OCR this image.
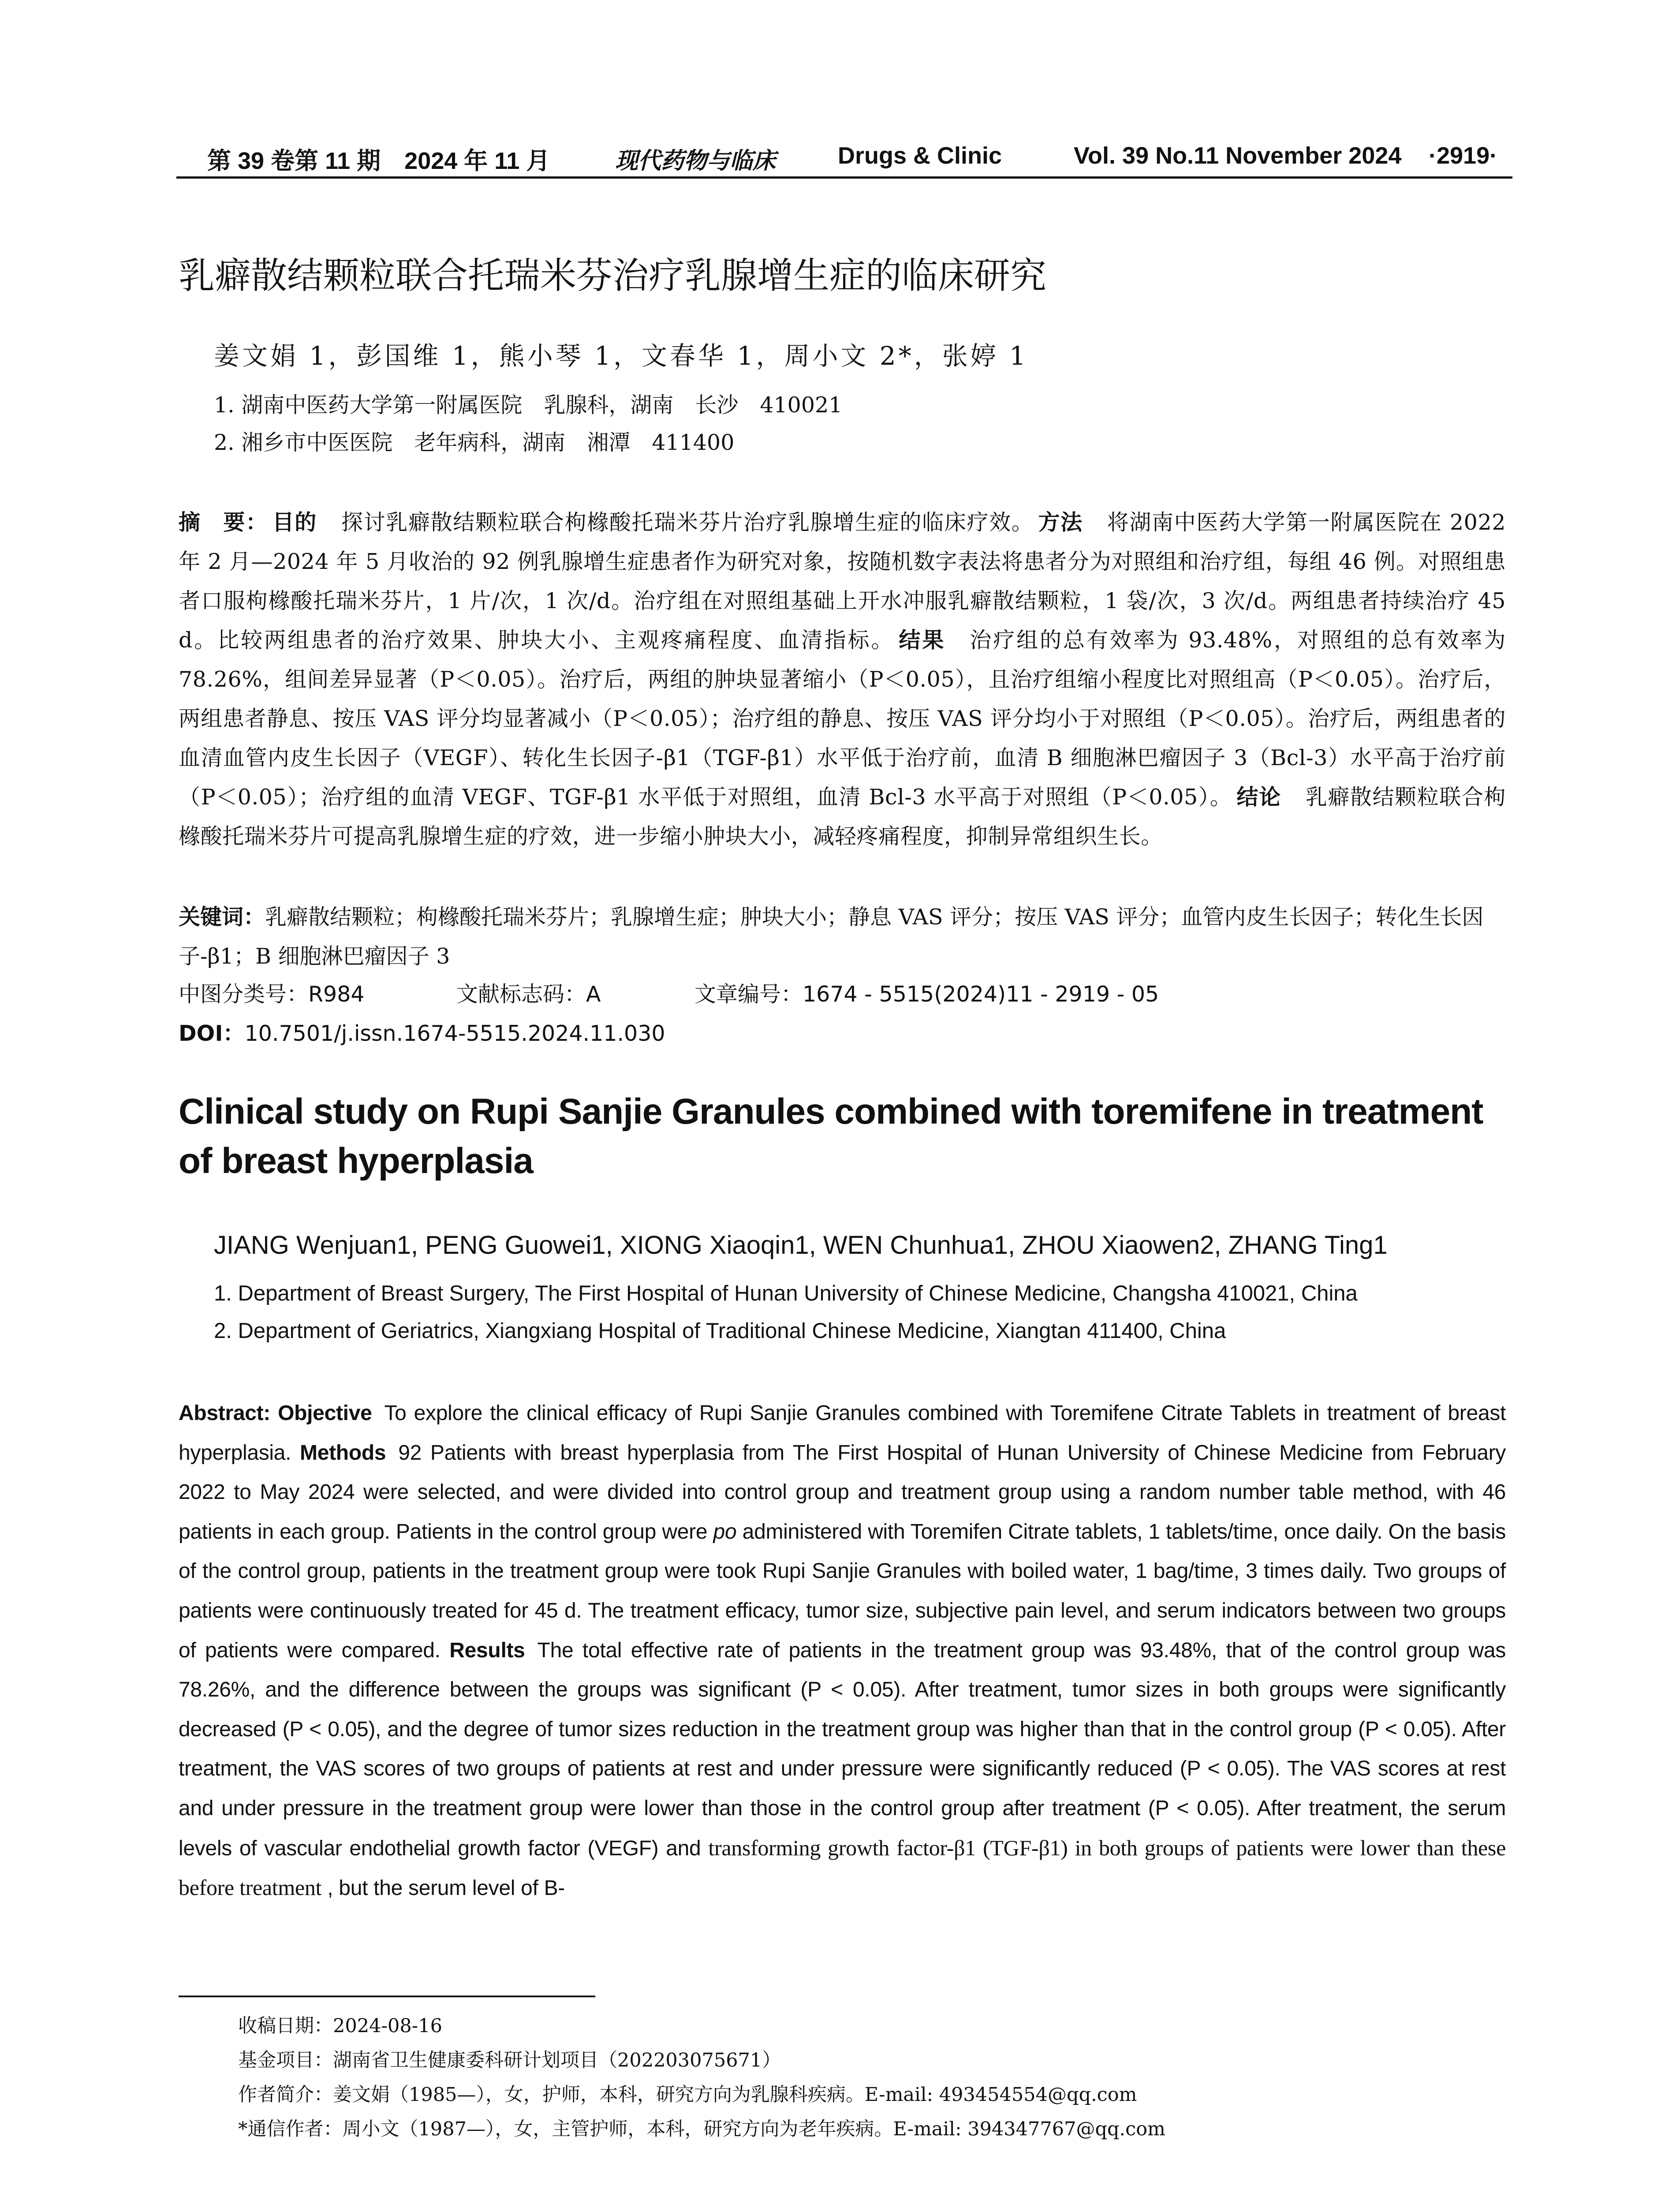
第 39 卷第 11 期　2024 年 11 月	现代药物与临床	Drugs & Clinic	Vol. 39 No.11 November 2024 ·2919·
乳癖散结颗粒联合托瑞米芬治疗乳腺增生症的临床研究
姜文娟 1，彭国维 1，熊小琴 1，文春华 1，周小文 2*，张婷 1
1. 湖南中医药大学第一附属医院　乳腺科，湖南　长沙　410021
2. 湘乡市中医医院　老年病科，湖南　湘潭　411400
摘　要： 目的 探讨乳癖散结颗粒联合枸橼酸托瑞米芬片治疗乳腺增生症的临床疗效。 方法 将湖南中医药大学第一附属医院在 2022 年 2 月—2024 年 5 月收治的 92 例乳腺增生症患者作为研究对象，按随机数字表法将患者分为对照组和治疗组，每组 46 例。对照组患者口服枸橼酸托瑞米芬片，1 片/次，1 次/d。治疗组在对照组基础上开水冲服乳癖散结颗粒，1 袋/次，3 次/d。两组患者持续治疗 45 d。比较两组患者的治疗效果、肿块大小、主观疼痛程度、血清指标。 结果 治疗组的总有效率为 93.48%，对照组的总有效率为 78.26%，组间差异显著（P＜0.05）。治疗后，两组的肿块显著缩小（P＜0.05），且治疗组缩小程度比对照组高（P＜0.05）。治疗后，两组患者静息、按压 VAS 评分均显著减小（P＜0.05）；治疗组的静息、按压 VAS 评分均小于对照组（P＜0.05）。治疗后，两组患者的血清血管内皮生长因子（VEGF）、转化生长因子-β1（TGF-β1）水平低于治疗前，血清 B 细胞淋巴瘤因子 3（Bcl-3）水平高于治疗前（P＜0.05）；治疗组的血清 VEGF、TGF-β1 水平低于对照组，血清 Bcl-3 水平高于对照组（P＜0.05）。 结论 乳癖散结颗粒联合枸橼酸托瑞米芬片可提高乳腺增生症的疗效，进一步缩小肿块大小，减轻疼痛程度，抑制异常组织生长。
关键词：乳癖散结颗粒；枸橼酸托瑞米芬片；乳腺增生症；肿块大小；静息 VAS 评分；按压 VAS 评分；血管内皮生长因子；转化生长因子-β1；B 细胞淋巴瘤因子 3
中图分类号：R984	文献标志码：A	文章编号：1674 - 5515(2024)11 - 2919 - 05
DOI：10.7501/j.issn.1674-5515.2024.11.030
Clinical study on Rupi Sanjie Granules combined with toremifene in treatment of breast hyperplasia
JIANG Wenjuan1, PENG Guowei1, XIONG Xiaoqin1, WEN Chunhua1, ZHOU Xiaowen2, ZHANG Ting1
1. Department of Breast Surgery, The First Hospital of Hunan University of Chinese Medicine, Changsha 410021, China
2. Department of Geriatrics, Xiangxiang Hospital of Traditional Chinese Medicine, Xiangtan 411400, China
Abstract: Objective To explore the clinical efficacy of Rupi Sanjie Granules combined with Toremifene Citrate Tablets in treatment of breast hyperplasia. Methods 92 Patients with breast hyperplasia from The First Hospital of Hunan University of Chinese Medicine from February 2022 to May 2024 were selected, and were divided into control group and treatment group using a random number table method, with 46 patients in each group. Patients in the control group were po administered with Toremifen Citrate tablets, 1 tablets/time, once daily. On the basis of the control group, patients in the treatment group were took Rupi Sanjie Granules with boiled water, 1 bag/time, 3 times daily. Two groups of patients were continuously treated for 45 d. The treatment efficacy, tumor size, subjective pain level, and serum indicators between two groups of patients were compared. Results The total effective rate of patients in the treatment group was 93.48%, that of the control group was 78.26%, and the difference between the groups was significant (P < 0.05). After treatment, tumor sizes in both groups were significantly decreased (P < 0.05), and the degree of tumor sizes reduction in the treatment group was higher than that in the control group (P < 0.05). After treatment, the VAS scores of two groups of patients at rest and under pressure were significantly reduced (P < 0.05). The VAS scores at rest and under pressure in the treatment group were lower than those in the control group after treatment (P < 0.05). After treatment, the serum levels of vascular endothelial growth factor (VEGF) and transforming growth factor-β1 (TGF-β1) in both groups of patients were lower than these before treatment , but the serum level of B-
收稿日期：2024-08-16
基金项目：湖南省卫生健康委科研计划项目（202203075671）
作者简介：姜文娟（1985—），女，护师，本科，研究方向为乳腺科疾病。E-mail: 493454554@qq.com
*通信作者：周小文（1987—），女，主管护师，本科，研究方向为老年疾病。E-mail: 394347767@qq.com
